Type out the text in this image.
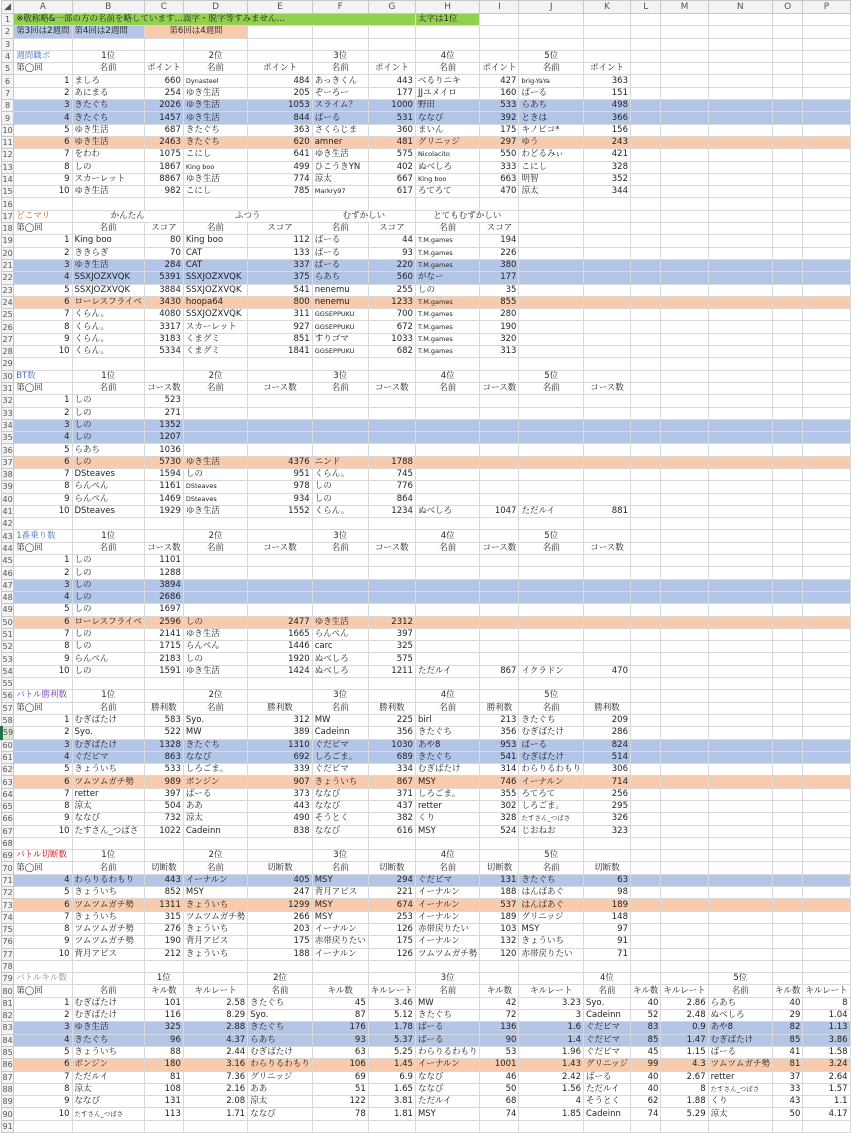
◢	A	B	C	D	E	F	G	H	I	J	K	L	M	N	O	P
1	※敬称略&一部の方の名前を略しています…誤字・脱字等すみません…							太字は1位								
2	第3回は2週間	第4回は2週間	第6回は4週間													
3																
4	週間職ポ	1位		2位		3位		4位		5位						
5	第◯回	名前	ポイント	名前	ポイント	名前	ポイント	名前	ポイント	名前	ポイント					
6	1	ましろ	660	Dynasteel	484	あっきくん	443	べるりニキ	427	brig-YaYa	363					
7	2	あにまる	254	ゆき生活	205	ぞーろー	177	JJユメイロ	160	ばーる	151					
8	3	きたぐち	2026	ゆき生活	1053	スライム？	1000	野田	533	らあち	498					
9	4	きたぐち	1457	ゆき生活	844	ばーる	531	ななび	392	ときは	366					
10	5	ゆき生活	687	きたぐち	363	さくらじま	360	まいん	175	キノピコ*	156					
11	6	ゆき生活	2463	きたぐち	620	amner	481	グリニッジ	297	ゆう	243					
12	7	をわわ	1075	こにし	641	ゆき生活	575	Nicolacito	550	わどるみぃ	421					
13	8	しの	1867	King boo	499	ひこうきYN	402	ぬべしろ	333	こにし	328					
14	9	スカーレット	8867	ゆき生活	774	涼太	667	King boo	663	明智	352					
15	10	ゆき生活	982	こにし	785	Markry97	617	ろてろて	470	涼太	344					
16																
17	どこマリ	かんたん		ふつう		むずかしい		とてもむずかしい								
18	第◯回	名前	スコア	名前	スコア	名前	スコア	名前	スコア							
19	1	King boo	80	King boo	112	ばーる	44	T.M.games	194							
20	2	ききらぎ	70	CAT	133	ばーる	93	T.M.games	226							
21	3	ゆき生活	284	CAT	337	ばーる	220	T.M.games	380							
22	4	SSXJOZXVQK	5391	SSXJOZXVQK	375	らあち	560	がなー	177							
23	5	SSXJOZXVQK	3884	SSXJOZXVQK	541	nenemu	255	しの	35							
24	6	ローレスフライベ	3430	hoopa64	800	nenemu	1233	T.M.games	855							
25	7	くらん。	4080	SSXJOZXVQK	311	GGSEPPUKU	700	T.M.games	280							
26	8	くらん。	3317	スカーレット	927	GGSEPPUKU	672	T.M.games	190							
27	9	くらん。	3183	くまグミ	851	すりゴマ	1033	T.M.games	320							
28	10	くらん。	5334	くまグミ	1841	GGSEPPUKU	682	T.M.games	313							
29																
30	BT数	1位		2位		3位		4位		5位						
31	第◯回	名前	コース数	名前	コース数	名前	コース数	名前	コース数	名前	コース数					
32	1	しの	523													
33	2	しの	271													
34	3	しの	1352													
35	4	しの	1207													
36	5	らあち	1036													
37	6	しの	5730	ゆき生活	4376	ニンド	1788									
38	7	DSteaves	1594	しの	951	くらん。	745									
39	8	らんぺん	1161	DSteaves	978	しの	776									
40	9	らんぺん	1469	DSteaves	934	しの	864									
41	10	DSteaves	1929	ゆき生活	1552	くらん。	1234	ぬべしろ	1047	ただルイ	881					
42																
43	1番乗り数	1位		2位		3位		4位		5位						
44	第◯回	名前	コース数	名前	コース数	名前	コース数	名前	コース数	名前	コース数					
45	1	しの	1101													
46	2	しの	1288													
47	3	しの	3894													
48	4	しの	2686													
49	5	しの	1697													
50	6	ローレスフライベ	2596	しの	2477	ゆき生活	2312									
51	7	しの	2141	ゆき生活	1665	らんぺん	397									
52	8	しの	1715	らんぺん	1446	carc	325									
53	9	らんぺん	2183	しの	1920	ぬべしろ	575									
54	10	しの	1591	ゆき生活	1424	ぬべしろ	1211	ただルイ	867	イクラドン	470					
55																
56	バトル勝利数	1位		2位		3位		4位		5位						
57	第◯回	名前	勝利数	名前	勝利数	名前	勝利数	名前	勝利数	名前	勝利数					
58	1	むぎばたけ	583	Syo.	312	MW	225	birl	213	きたぐち	209					
59	2	Syo.	522	MW	389	Cadeinn	356	きたぐち	356	むぎばたけ	286					
60	3	むぎばたけ	1328	きたぐち	1310	ぐだピマ	1030	あや8	953	ばーる	824					
61	4	ぐだピマ	863	ななび	692	しろごま。	689	きたぐち	541	むぎばたけ	514					
62	5	きょういち	533	しろごま。	339	ぐだピマ	334	むぎばたけ	314	わらりるわもり	306					
63	6	ツムツムガチ勢	989	ボンジン	907	きょういち	867	MSY	746	イーナルン	714					
64	7	retter	397	ばーる	373	ななび	371	しろごま。	355	ろてろて	256					
65	8	涼太	504	ああ	443	ななび	437	retter	302	しろごま。	295					
66	9	ななび	732	涼太	490	そうとく	382	くり	328	たすさん_つばさ	326					
67	10	たすさん_つばさ	1022	Cadeinn	838	ななび	616	MSY	524	じおねお	323					
68																
69	バトル切断数	1位		2位		3位		4位		5位						
70	第◯回	名前	切断数	名前	切断数	名前	切断数	名前	切断数	名前	切断数					
71	4	わらりるわもり	443	イーナルン	405	MSY	294	ぐだピマ	131	きたぐち	63					
72	5	きょういち	852	MSY	247	背月アビス	221	イーナルン	188	はんばあぐ	98					
73	6	ツムツムガチ勢	1311	きょういち	1299	MSY	674	イーナルン	537	はんばあぐ	189					
74	7	きょういち	315	ツムツムガチ勢	266	MSY	253	イーナルン	189	グリニッジ	148					
75	8	ツムツムガチ勢	276	きょういち	203	イーナルン	126	赤帯戻りたい	103	MSY	97					
76	9	ツムツムガチ勢	190	背月アビス	175	赤帯戻りたい	175	イーナルン	132	きょういち	91					
77	10	背月アビス	212	きょういち	188	イーナルン	126	ツムツムガチ勢	120	赤帯戻りたい	71					
78																
79	バトルキル数		1位		2位			3位			4位			5位		
80	第◯回	名前	キル数	キルレート	名前	キル数	キルレート	名前	キル数	キルレート	名前	キル数	キルレート	名前	キル数	キルレート
81	1	むぎばたけ	101	2.58	きたぐち	45	3.46	MW	42	3.23	Syo.	40	2.86	らあち	40	8
82	2	むぎばたけ	116	8.29	Syo.	87	5.12	きたぐち	72	3	Cadeinn	52	2.48	ぬべしろ	29	1.04
83	3	ゆき生活	325	2.88	きたぐち	176	1.78	ばーる	136	1.6	ぐだピマ	83	0.9	あや8	82	1.13
84	4	きたぐち	96	4.37	らあち	93	5.37	ばーる	90	1.4	ぐだピマ	85	1.47	むぎばたけ	85	3.86
85	5	きょういち	88	2.44	むぎばたけ	63	5.25	わらりるわもり	53	1.96	ぐだピマ	45	1.15	ばーる	41	1.58
86	6	ボンジン	180	3.16	わらりるわもり	106	1.45	イーナルン	1001	1.43	グリニッジ	99	4.3	ツムツムガチ勢	81	3.24
87	7	ただルイ	81	7.36	グリニッジ	69	6.9	ななび	46	2.42	ばーる	40	2.67	retter	37	2.64
88	8	涼太	108	2.16	ああ	51	1.65	ななび	50	1.56	ただルイ	40	8	たすさん_つばさ	33	1.57
89	9	ななび	131	2.08	涼太	122	3.81	ただルイ	68	4	そうとく	62	1.88	くり	43	1.1
90	10	たすさん_つばさ	113	1.71	ななび	78	1.81	MSY	74	1.85	Cadeinn	74	5.29	涼太	50	4.17
91																
